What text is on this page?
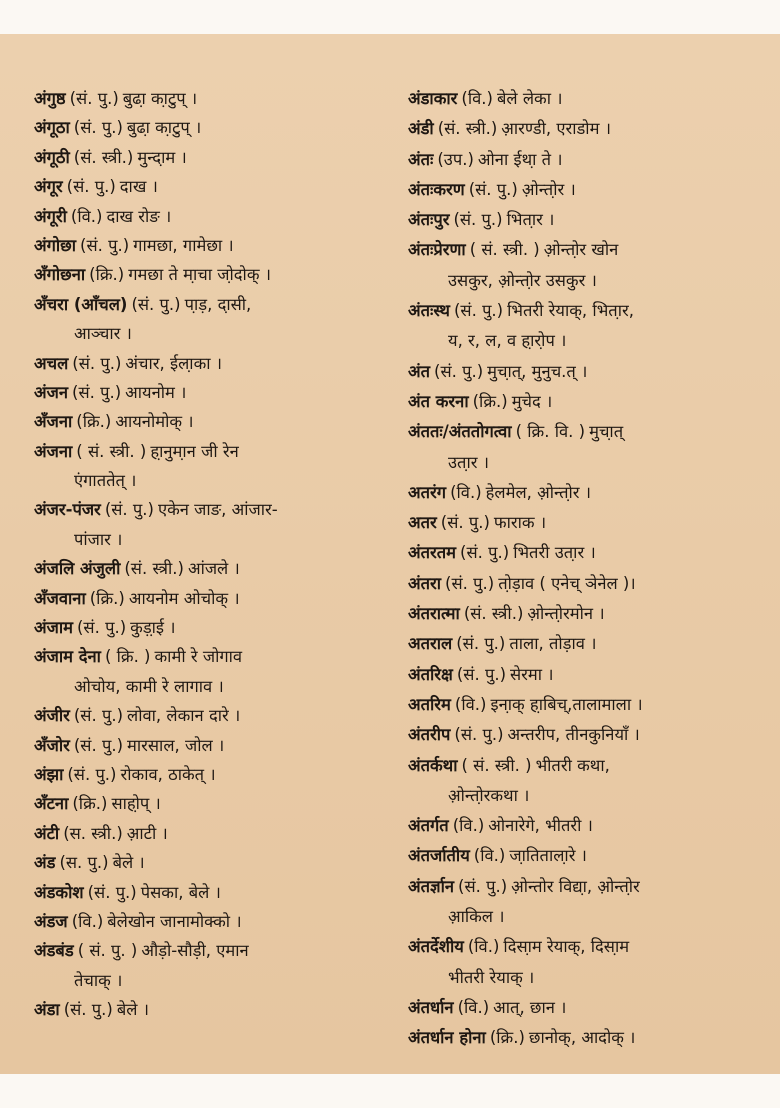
अंगुष्ठ (सं. पु.) बुढा़ का़टुप् ।
अंगूठा (सं. पु.) बुढा़ का़टुप् ।
अंगूठी (सं. स्त्री.) मुन्दा़म ।
अंगूर (सं. पु.) दाख ।
अंगूरी (वि.) दाख रोङ ।
अंगोछा (सं. पु.) गामछा, गामेछा ।
अँगोछना (क्रि.) गमछा ते मा़चा जो़दोक् ।
अँचरा (आँचल) (सं. पु.) पा़ड़, दा़सी,
आञ्चार ।
अचल (सं. पु.) अंचार, ईला़का ।
अंजन (सं. पु.) आयनोम ।
अँजना (क्रि.) आयनोमोक् ।
अंजना ( सं. स्त्री. ) हा़नुमा़न जी रेन
एंगाततेत् ।
अंजर-पंजर (सं. पु.) एकेन जाङ, आंजार-
पांजार ।
अंजलि अंजुली (सं. स्त्री.) आंजले ।
अँजवाना (क्रि.) आयनोम ओचोक् ।
अंजाम (सं. पु.) कुड़ा़ई ।
अंजाम देना ( क्रि. ) कामी रे जोगाव
ओचोय, कामी रे लागाव ।
अंजीर (सं. पु.) लोवा, लेकान दारे ।
अँजोर (सं. पु.) मारसाल, जोल ।
अंझा (सं. पु.) रोकाव, ठाकेत् ।
अँटना (क्रि.) साहो़प् ।
अंटी (स. स्त्री.) आ़टी ।
अंड (स. पु.) बेले ।
अंडकोश (सं. पु.) पेसका, बेले ।
अंडज (वि.) बेलेखोन जानामोक्को ।
अंडबंड ( सं. पु. ) औड़ो-सौड़ी, एमान
तेचाक् ।
अंडा (सं. पु.) बेले ।
अंडाकार (वि.) बेले लेका ।
अंडी (सं. स्त्री.) आ़रण्डी, एराडोम ।
अंतः (उप.) ओना ईथा़ ते ।
अंतःकरण (सं. पु.) ओ़न्तो़र ।
अंतःपुर (सं. पु.) भिता़र ।
अंतःप्रेरणा ( सं. स्त्री. ) ओ़न्तो़र खोन
उसकुर, ओ़न्तो़र उसकुर ।
अंतःस्थ (सं. पु.) भितरी रेयाक्, भिता़र,
य, र, ल, व हा़रो़प ।
अंत (सं. पु.) मुचा़त्, मुनुच.त् ।
अंत करना (क्रि.) मुचेद ।
अंततः/अंततोगत्वा ( क्रि. वि. ) मुचा़त्
उता़र ।
अतरंग (वि.) हेलमेल, ओ़न्तो़र ।
अतर (सं. पु.) फाराक ।
अंतरतम (सं. पु.) भितरी उता़र ।
अंतरा (सं. पु.) तो़ड़ाव ( एनेच् ञेनेल )।
अंतरात्मा (सं. स्त्री.) ओ़न्तो़रमोन ।
अतराल (सं. पु.) ताला, तोड़ाव ।
अंतरिक्ष (सं. पु.) सेरमा ।
अतरिम (वि.) इना़क् हा़बिच्,तालामाला ।
अंतरीप (सं. पु.) अन्तरीप, तीनकुनियाँ ।
अंतर्कथा ( सं. स्त्री. ) भीतरी कथा,
ओ़न्तो़रकथा ।
अंतर्गत (वि.) ओनारेगे, भीतरी ।
अंतर्जातीय (वि.) जा़तिताला़रे ।
अंतर्ज्ञान (सं. पु.) ओ़न्तोर विद्या़, ओ़न्तो़र
आ़किल ।
अंतर्देशीय (वि.) दिसा़म रेयाक्, दिसा़म
भीतरी रेयाक् ।
अंतर्धान (वि.) आत्, छान ।
अंतर्धान होना (क्रि.) छानोक्, आदोक् ।
